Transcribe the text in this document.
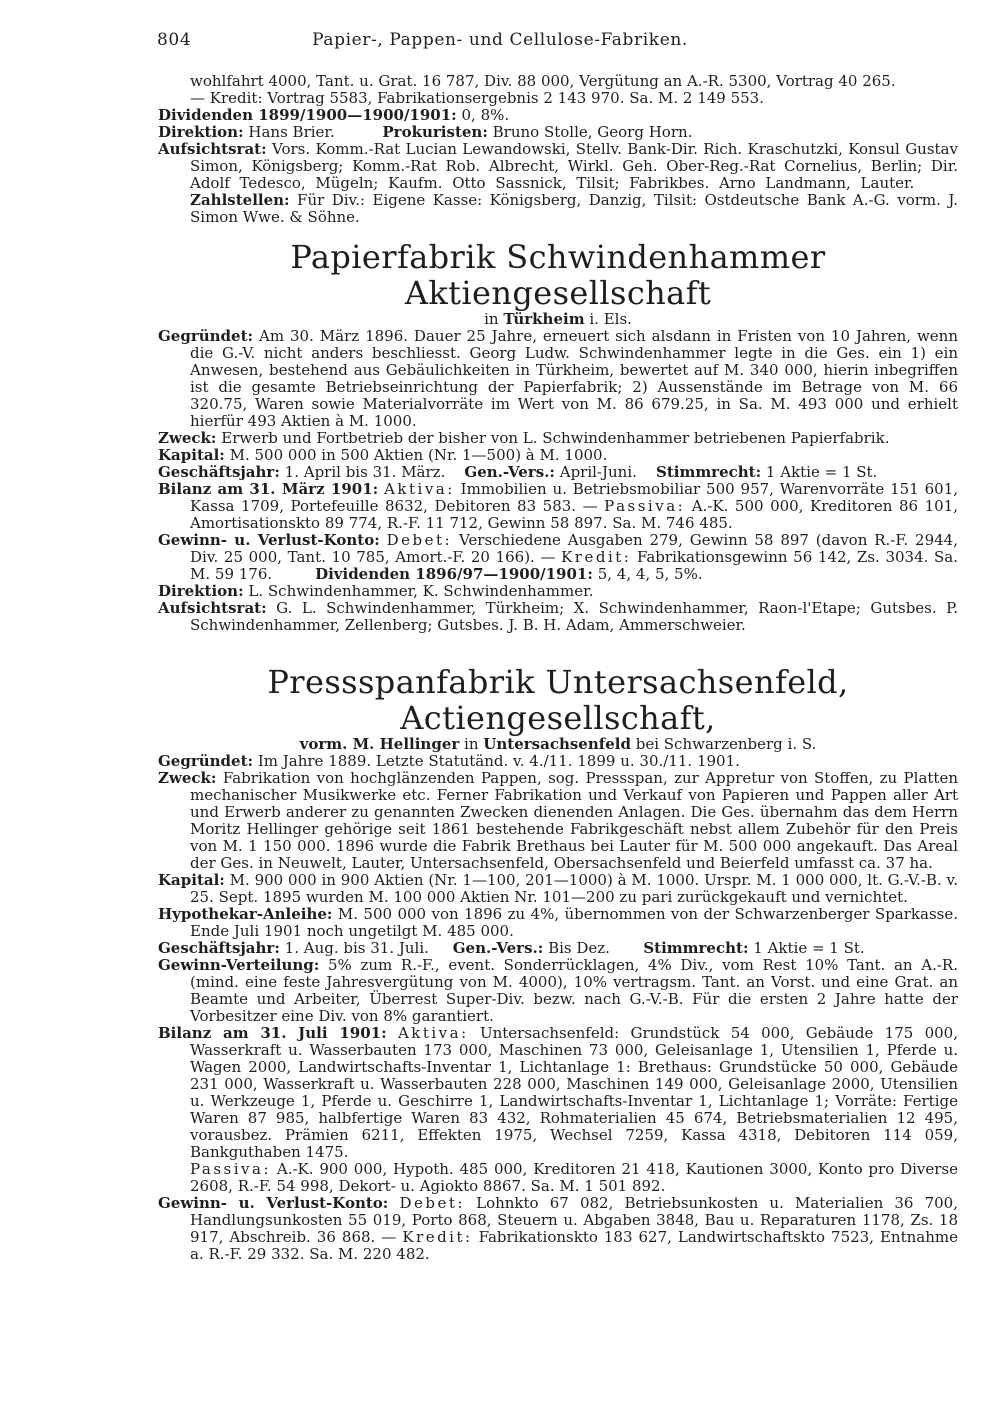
804	Papier-, Pappen- und Cellulose-Fabriken.

wohlfahrt 4000, Tant. u. Grat. 16 787, Div. 88 000, Vergütung an A.-R. 5300, Vortrag 40 265.

— Kredit: Vortrag 5583, Fabrikationsergebnis 2 143 970. Sa. M. 2 149 553.

Dividenden 1899/1900—1900/1901: 0, 8%.

Direktion: Hans Brier.	Prokuristen: Bruno Stolle, Georg Horn.

Aufsichtsrat: Vors. Komm.-Rat Lucian Lewandowski, Stellv. Bank-Dir. Rich. Kraschutzki, Konsul Gustav Simon, Königsberg; Komm.-Rat Rob. Albrecht, Wirkl. Geh. Ober-Reg.-Rat Cornelius, Berlin; Dir. Adolf Tedesco, Mügeln; Kaufm. Otto Sassnick, Tilsit; Fabrikbes. Arno Landmann, Lauter.      Zahlstellen: Für Div.: Eigene Kasse: Königsberg, Danzig, Tilsit: Ostdeutsche Bank A.-G. vorm. J. Simon Wwe. & Söhne.

Papierfabrik Schwindenhammer Aktiengesellschaft

in Türkheim i. Els.

Gegründet: Am 30. März 1896. Dauer 25 Jahre, erneuert sich alsdann in Fristen von 10 Jahren, wenn die G.-V. nicht anders beschliesst. Georg Ludw. Schwindenhammer legte in die Ges. ein 1) ein Anwesen, bestehend aus Gebäulichkeiten in Türkheim, bewertet auf M. 340 000, hierin inbegriffen ist die gesamte Betriebseinrichtung der Papierfabrik; 2) Aussenstände im Betrage von M. 66 320.75, Waren sowie Materialvorräte im Wert von M. 86 679.25, in Sa. M. 493 000 und erhielt hierfür 493 Aktien à M. 1000.

Zweck: Erwerb und Fortbetrieb der bisher von L. Schwindenhammer betriebenen Papierfabrik.

Kapital: M. 500 000 in 500 Aktien (Nr. 1—500) à M. 1000.

Geschäftsjahr: 1. April bis 31. März. Gen.-Vers.: April-Juni. Stimmrecht: 1 Aktie = 1 St.

Bilanz am 31. März 1901: Aktiva: Immobilien u. Betriebsmobiliar 500 957, Warenvorräte 151 601, Kassa 1709, Portefeuille 8632, Debitoren 83 583. — Passiva: A.-K. 500 000, Kreditoren 86 101, Amortisationskto 89 774, R.-F. 11 712, Gewinn 58 897. Sa. M. 746 485.

Gewinn- u. Verlust-Konto: Debet: Verschiedene Ausgaben 279, Gewinn 58 897 (davon R.-F. 2944, Div. 25 000, Tant. 10 785, Amort.-F. 20 166). — Kredit: Fabrikationsgewinn 56 142, Zs. 3034. Sa. M. 59 176.	Dividenden 1896/97—1900/1901: 5, 4, 4, 5, 5%.

Direktion: L. Schwindenhammer, K. Schwindenhammer.

Aufsichtsrat: G. L. Schwindenhammer, Türkheim; X. Schwindenhammer, Raon-l'Etape; Gutsbes. P. Schwindenhammer, Zellenberg; Gutsbes. J. B. H. Adam, Ammerschweier.

Pressspanfabrik Untersachsenfeld, Actiengesellschaft,

vorm. M. Hellinger in Untersachsenfeld bei Schwarzenberg i. S.

Gegründet: Im Jahre 1889. Letzte Statutänd. v. 4./11. 1899 u. 30./11. 1901.

Zweck: Fabrikation von hochglänzenden Pappen, sog. Pressspan, zur Appretur von Stoffen, zu Platten mechanischer Musikwerke etc. Ferner Fabrikation und Verkauf von Papieren und Pappen aller Art und Erwerb anderer zu genannten Zwecken dienenden Anlagen. Die Ges. übernahm das dem Herrn Moritz Hellinger gehörige seit 1861 bestehende Fabrikgeschäft nebst allem Zubehör für den Preis von M. 1 150 000. 1896 wurde die Fabrik Brethaus bei Lauter für M. 500 000 angekauft. Das Areal der Ges. in Neuwelt, Lauter, Untersachsenfeld, Obersachsenfeld und Beierfeld umfasst ca. 37 ha.

Kapital: M. 900 000 in 900 Aktien (Nr. 1—100, 201—1000) à M. 1000. Urspr. M. 1 000 000, lt. G.-V.-B. v. 25. Sept. 1895 wurden M. 100 000 Aktien Nr. 101—200 zu pari zurückgekauft und vernichtet.

Hypothekar-Anleihe: M. 500 000 von 1896 zu 4%, übernommen von der Schwarzenberger Sparkasse. Ende Juli 1901 noch ungetilgt M. 485 000.

Geschäftsjahr: 1. Aug. bis 31. Juli. Gen.-Vers.: Bis Dez. Stimmrecht: 1 Aktie = 1 St.

Gewinn-Verteilung: 5% zum R.-F., event. Sonderrücklagen, 4% Div., vom Rest 10% Tant. an A.-R. (mind. eine feste Jahresvergütung von M. 4000), 10% vertragsm. Tant. an Vorst. und eine Grat. an Beamte und Arbeiter, Überrest Super-Div. bezw. nach G.-V.-B. Für die ersten 2 Jahre hatte der Vorbesitzer eine Div. von 8% garantiert.

Bilanz am 31. Juli 1901: Aktiva: Untersachsenfeld: Grundstück 54 000, Gebäude 175 000, Wasserkraft u. Wasserbauten 173 000, Maschinen 73 000, Geleisanlage 1, Utensilien 1, Pferde u. Wagen 2000, Landwirtschafts-Inventar 1, Lichtanlage 1: Brethaus: Grundstücke 50 000, Gebäude 231 000, Wasserkraft u. Wasserbauten 228 000, Maschinen 149 000, Geleisanlage 2000, Utensilien u. Werkzeuge 1, Pferde u. Geschirre 1, Landwirtschafts-Inventar 1, Lichtanlage 1; Vorräte: Fertige Waren 87 985, halbfertige Waren 83 432, Rohmaterialien 45 674, Betriebsmaterialien 12 495, vorausbez. Prämien 6211, Effekten 1975, Wechsel 7259, Kassa 4318, Debitoren 114 059, Bankguthaben 1475.

Passiva: A.-K. 900 000, Hypoth. 485 000, Kreditoren 21 418, Kautionen 3000, Konto pro Diverse 2608, R.-F. 54 998, Dekort- u. Agiokto 8867. Sa. M. 1 501 892.

Gewinn- u. Verlust-Konto: Debet: Lohnkto 67 082, Betriebsunkosten u. Materialien 36 700, Handlungsunkosten 55 019, Porto 868, Steuern u. Abgaben 3848, Bau u. Reparaturen 1178, Zs. 18 917, Abschreib. 36 868. — Kredit: Fabrikationskto 183 627, Landwirtschaftskto 7523, Entnahme a. R.-F. 29 332. Sa. M. 220 482.
